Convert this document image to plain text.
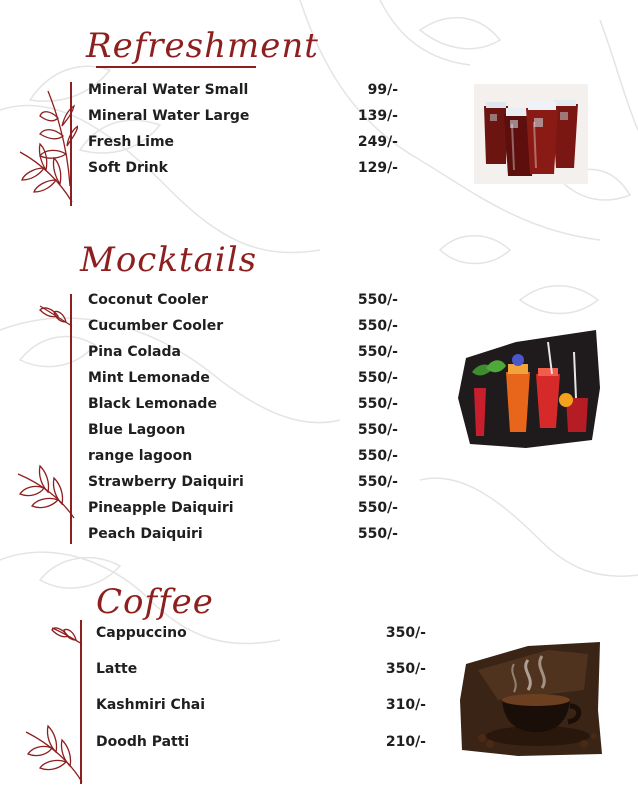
Refreshment
Mineral Water Small	99/-
Mineral Water Large	139/-
Fresh Lime	249/-
Soft Drink	129/-
Mocktails
Coconut Cooler	550/-
Cucumber Cooler	550/-
Pina Colada	550/-
Mint Lemonade	550/-
Black Lemonade	550/-
Blue Lagoon	550/-
range lagoon	550/-
Strawberry Daiquiri	550/-
Pineapple Daiquiri	550/-
Peach Daiquiri	550/-
Coffee
Cappuccino	350/-
Latte	350/-
Kashmiri Chai	310/-
Doodh Patti	210/-
